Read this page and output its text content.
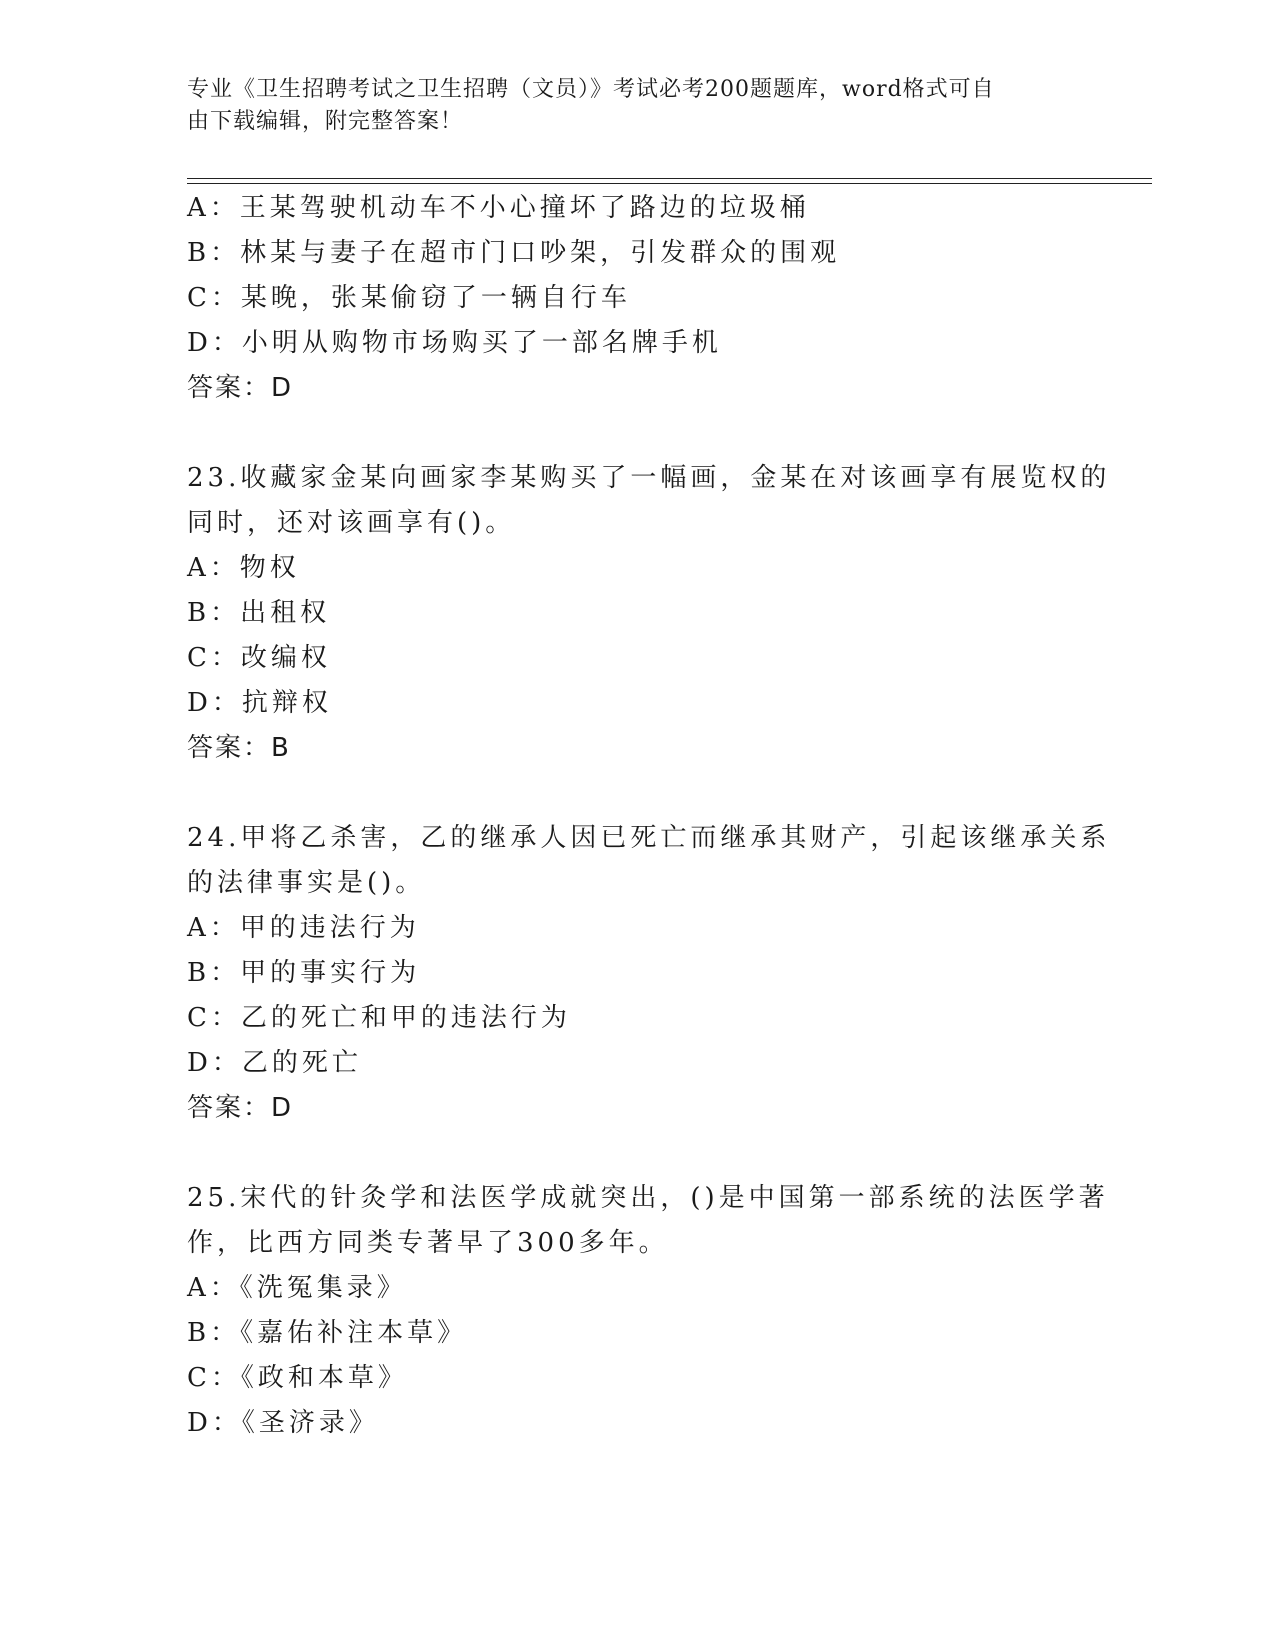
专业《卫生招聘考试之卫生招聘（文员）》考试必考200题题库，word格式可自
由下载编辑，附完整答案！
A：王某驾驶机动车不小心撞坏了路边的垃圾桶
B：林某与妻子在超市门口吵架，引发群众的围观
C：某晚，张某偷窃了一辆自行车
D：小明从购物市场购买了一部名牌手机
答案：D
23.收藏家金某向画家李某购买了一幅画，金某在对该画享有展览权的
同时，还对该画享有()。
A：物权
B：出租权
C：改编权
D：抗辩权
答案：B
24.甲将乙杀害，乙的继承人因已死亡而继承其财产，引起该继承关系
的法律事实是()。
A：甲的违法行为
B：甲的事实行为
C：乙的死亡和甲的违法行为
D：乙的死亡
答案：D
25.宋代的针灸学和法医学成就突出，()是中国第一部系统的法医学著
作，比西方同类专著早了300多年。
A：《洗冤集录》
B：《嘉佑补注本草》
C：《政和本草》
D：《圣济录》
